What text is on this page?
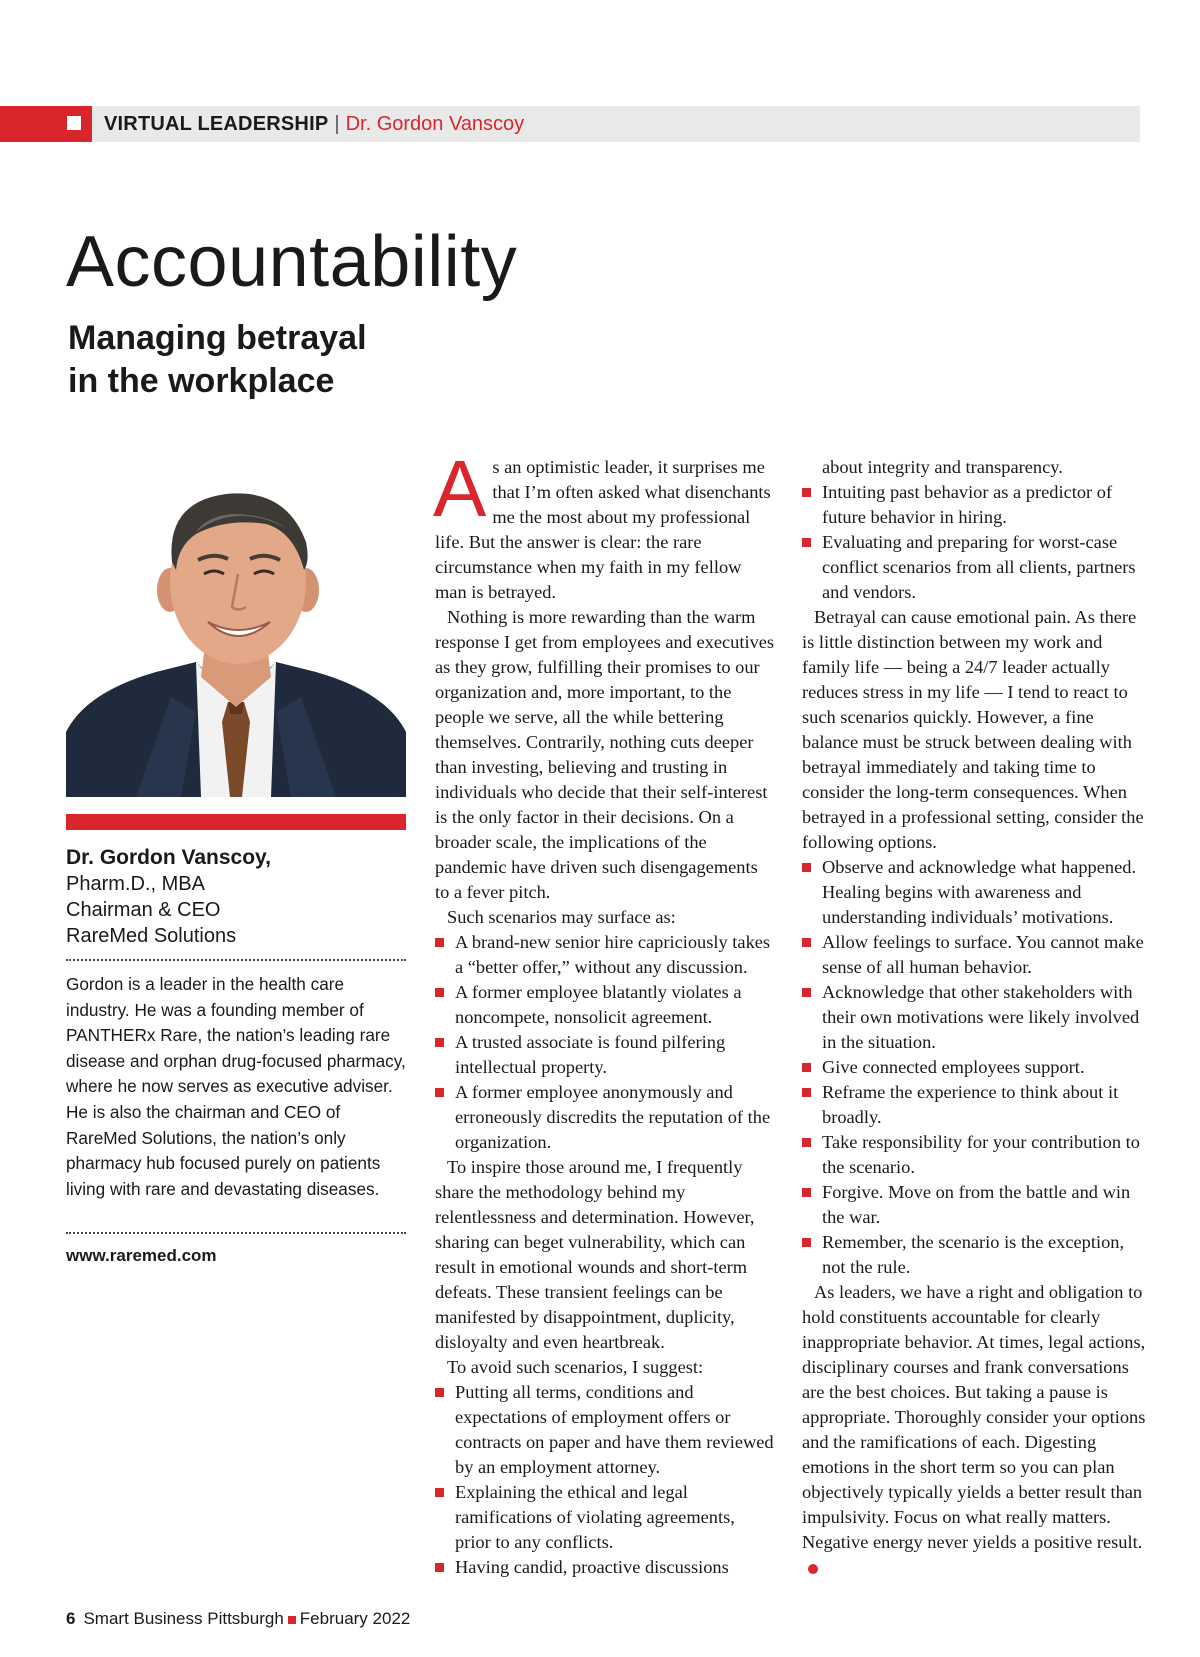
VIRTUAL LEADERSHIP | Dr. Gordon Vanscoy
Accountability
Managing betrayal
in the workplace

Dr. Gordon Vanscoy,

Pharm.D., MBA

Chairman & CEO

RareMed Solutions

Gordon is a leader in the health care industry. He was a founding member of PANTHERx Rare, the nation’s leading rare disease and orphan drug-focused pharmacy, where he now serves as executive adviser. He is also the chairman and CEO of RareMed Solutions, the nation’s only pharmacy hub focused purely on patients living with rare and devastating diseases.

www.raremed.com

As an optimistic leader, it surprises me that I’m often asked what disenchants me the most about my professional life. But the answer is clear: the rare circumstance when my faith in my fellow man is betrayed.

Nothing is more rewarding than the warm response I get from employees and executives as they grow, fulfilling their promises to our organization and, more important, to the people we serve, all the while bettering themselves. Contrarily, nothing cuts deeper than investing, believing and trusting in individuals who decide that their self-interest is the only factor in their decisions. On a broader scale, the implications of the pandemic have driven such disengagements to a fever pitch.

Such scenarios may surface as:

A brand-new senior hire capriciously takes a “better offer,” without any discussion.
A former employee blatantly violates a noncompete, nonsolicit agreement.
A trusted associate is found pilfering intellectual property.
A former employee anonymously and erroneously discredits the reputation of the organization.

To inspire those around me, I frequently share the methodology behind my relentlessness and determination. However, sharing can beget vulnerability, which can result in emotional wounds and short-term defeats. These transient feelings can be manifested by disappointment, duplicity, disloyalty and even heartbreak.

To avoid such scenarios, I suggest:

Putting all terms, conditions and expectations of employment offers or contracts on paper and have them reviewed by an employment attorney.
Explaining the ethical and legal ramifications of violating agreements, prior to any conflicts.
Having candid, proactive discussions

about integrity and transparency.

Intuiting past behavior as a predictor of future behavior in hiring.
Evaluating and preparing for worst-case conflict scenarios from all clients, partners and vendors.

Betrayal can cause emotional pain. As there is little distinction between my work and family life — being a 24/7 leader actually reduces stress in my life — I tend to react to such scenarios quickly. However, a fine balance must be struck between dealing with betrayal immediately and taking time to consider the long-term consequences. When betrayed in a professional setting, consider the following options.

Observe and acknowledge what happened. Healing begins with awareness and understanding individuals’ motivations.
Allow feelings to surface. You cannot make sense of all human behavior.
Acknowledge that other stakeholders with their own motivations were likely involved in the situation.
Give connected employees support.
Reframe the experience to think about it broadly.
Take responsibility for your contribution to the scenario.
Forgive. Move on from the battle and win the war.
Remember, the scenario is the exception, not the rule.

As leaders, we have a right and obligation to hold constituents accountable for clearly inappropriate behavior. At times, legal actions, disciplinary courses and frank conversations are the best choices. But taking a pause is appropriate. Thoroughly consider your options and the ramifications of each. Digesting emotions in the short term so you can plan objectively typically yields a better result than impulsivity. Focus on what really matters. Negative energy never yields a positive result.

6 Smart Business Pittsburgh February 2022
